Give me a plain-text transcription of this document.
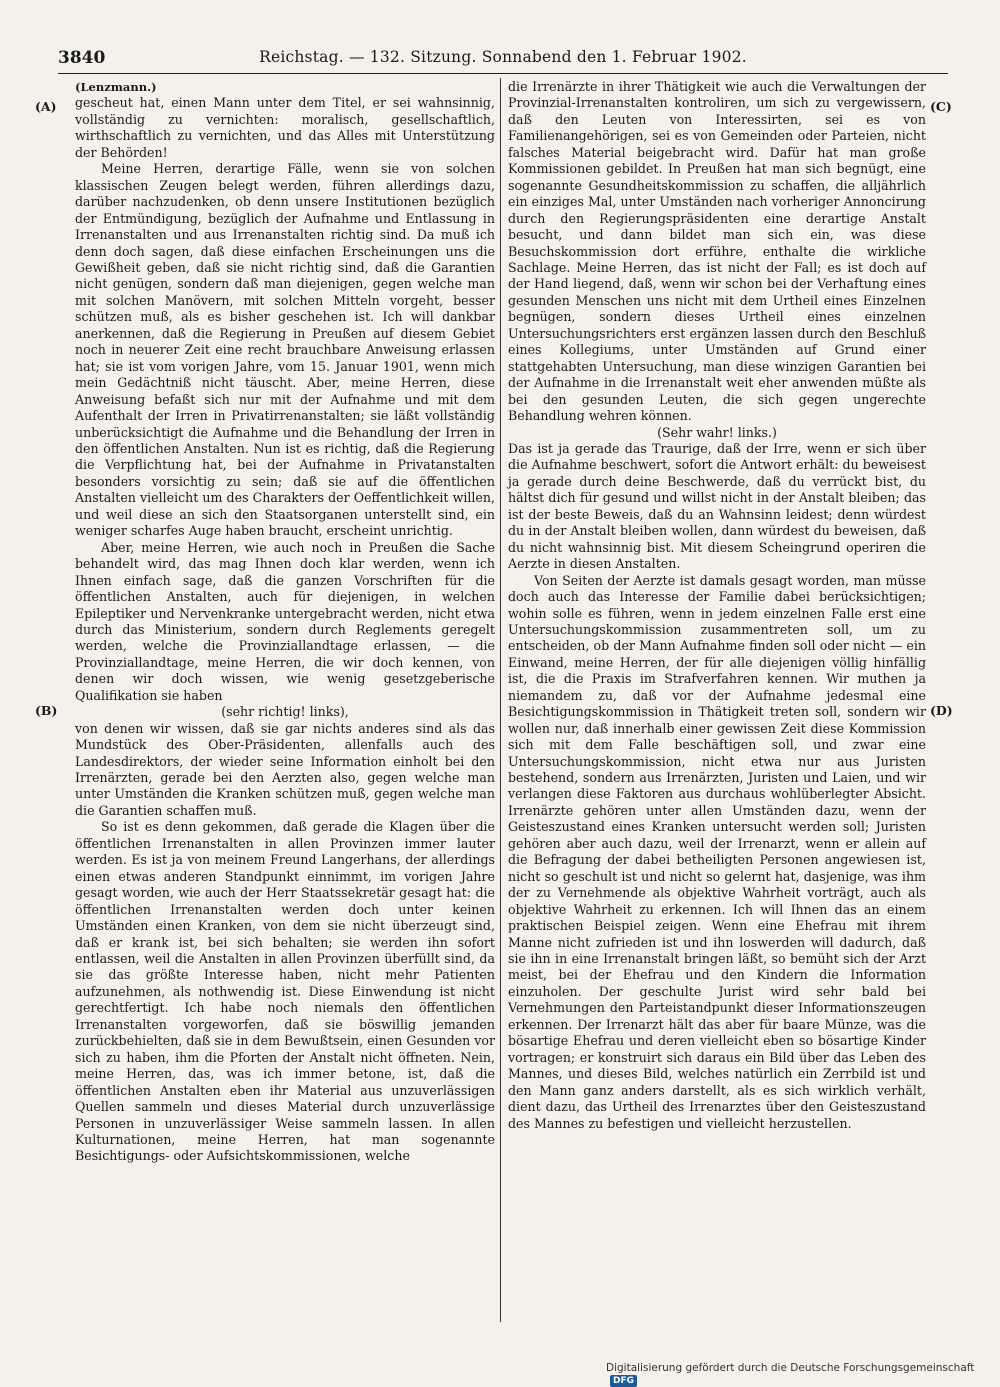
3840	Reichstag. — 132. Sitzung. Sonnabend den 1. Februar 1902.
(A)
(B)
(C)
(D)

(Lenzmann.)

gescheut hat, einen Mann unter dem Titel, er sei wahnsinnig, vollständig zu vernichten: moralisch, gesellschaftlich, wirthschaftlich zu vernichten, und das Alles mit Unterstützung der Behörden!

Meine Herren, derartige Fälle, wenn sie von solchen klassischen Zeugen belegt werden, führen allerdings dazu, darüber nachzudenken, ob denn unsere Institutionen bezüglich der Entmündigung, bezüglich der Aufnahme und Entlassung in Irrenanstalten und aus Irrenanstalten richtig sind. Da muß ich denn doch sagen, daß diese einfachen Erscheinungen uns die Gewißheit geben, daß sie nicht richtig sind, daß die Garantien nicht genügen, sondern daß man diejenigen, gegen welche man mit solchen Manövern, mit solchen Mitteln vorgeht, besser schützen muß, als es bisher geschehen ist. Ich will dankbar anerkennen, daß die Regierung in Preußen auf diesem Gebiet noch in neuerer Zeit eine recht brauchbare Anweisung erlassen hat; sie ist vom vorigen Jahre, vom 15. Januar 1901, wenn mich mein Gedächtniß nicht täuscht. Aber, meine Herren, diese Anweisung befaßt sich nur mit der Aufnahme und mit dem Aufenthalt der Irren in Privatirrenanstalten; sie läßt vollständig unberücksichtigt die Aufnahme und die Behandlung der Irren in den öffentlichen Anstalten. Nun ist es richtig, daß die Regierung die Verpflichtung hat, bei der Aufnahme in Privatanstalten besonders vorsichtig zu sein; daß sie auf die öffentlichen Anstalten vielleicht um des Charakters der Oeffentlichkeit willen, und weil diese an sich den Staatsorganen unterstellt sind, ein weniger scharfes Auge haben braucht, erscheint unrichtig.

Aber, meine Herren, wie auch noch in Preußen die Sache behandelt wird, das mag Ihnen doch klar werden, wenn ich Ihnen einfach sage, daß die ganzen Vorschriften für die öffentlichen Anstalten, auch für diejenigen, in welchen Epileptiker und Nervenkranke untergebracht werden, nicht etwa durch das Ministerium, sondern durch Reglements geregelt werden, welche die Provinziallandtage erlassen, — die Provinziallandtage, meine Herren, die wir doch kennen, von denen wir doch wissen, wie wenig gesetzgeberische Qualifikation sie haben

(sehr richtig! links),

von denen wir wissen, daß sie gar nichts anderes sind als das Mundstück des Ober-Präsidenten, allenfalls auch des Landesdirektors, der wieder seine Information einholt bei den Irrenärzten, gerade bei den Aerzten also, gegen welche man unter Umständen die Kranken schützen muß, gegen welche man die Garantien schaffen muß.

So ist es denn gekommen, daß gerade die Klagen über die öffentlichen Irrenanstalten in allen Provinzen immer lauter werden. Es ist ja von meinem Freund Langerhans, der allerdings einen etwas anderen Standpunkt einnimmt, im vorigen Jahre gesagt worden, wie auch der Herr Staatssekretär gesagt hat: die öffentlichen Irrenanstalten werden doch unter keinen Umständen einen Kranken, von dem sie nicht überzeugt sind, daß er krank ist, bei sich behalten; sie werden ihn sofort entlassen, weil die Anstalten in allen Provinzen überfüllt sind, da sie das größte Interesse haben, nicht mehr Patienten aufzunehmen, als nothwendig ist. Diese Einwendung ist nicht gerechtfertigt. Ich habe noch niemals den öffentlichen Irrenanstalten vorgeworfen, daß sie böswillig jemanden zurückbehielten, daß sie in dem Bewußtsein, einen Gesunden vor sich zu haben, ihm die Pforten der Anstalt nicht öffneten. Nein, meine Herren, das, was ich immer betone, ist, daß die öffentlichen Anstalten eben ihr Material aus unzuverlässigen Quellen sammeln und dieses Material durch unzuverlässige Personen in unzuverlässiger Weise sammeln lassen. In allen Kulturnationen, meine Herren, hat man sogenannte Besichtigungs- oder Aufsichtskommissionen, welche

die Irrenärzte in ihrer Thätigkeit wie auch die Verwaltungen der Provinzial-Irrenanstalten kontroliren, um sich zu vergewissern, daß den Leuten von Interessirten, sei es von Familienangehörigen, sei es von Gemeinden oder Parteien, nicht falsches Material beigebracht wird. Dafür hat man große Kommissionen gebildet. In Preußen hat man sich begnügt, eine sogenannte Gesundheitskommission zu schaffen, die alljährlich ein einziges Mal, unter Umständen nach vorheriger Annoncirung durch den Regierungspräsidenten eine derartige Anstalt besucht, und dann bildet man sich ein, was diese Besuchskommission dort erführe, enthalte die wirkliche Sachlage. Meine Herren, das ist nicht der Fall; es ist doch auf der Hand liegend, daß, wenn wir schon bei der Verhaftung eines gesunden Menschen uns nicht mit dem Urtheil eines Einzelnen begnügen, sondern dieses Urtheil eines einzelnen Untersuchungsrichters erst ergänzen lassen durch den Beschluß eines Kollegiums, unter Umständen auf Grund einer stattgehabten Untersuchung, man diese winzigen Garantien bei der Aufnahme in die Irrenanstalt weit eher anwenden müßte als bei den gesunden Leuten, die sich gegen ungerechte Behandlung wehren können.

(Sehr wahr! links.)

Das ist ja gerade das Traurige, daß der Irre, wenn er sich über die Aufnahme beschwert, sofort die Antwort erhält: du beweisest ja gerade durch deine Beschwerde, daß du verrückt bist, du hältst dich für gesund und willst nicht in der Anstalt bleiben; das ist der beste Beweis, daß du an Wahnsinn leidest; denn würdest du in der Anstalt bleiben wollen, dann würdest du beweisen, daß du nicht wahnsinnig bist. Mit diesem Scheingrund operiren die Aerzte in diesen Anstalten.

Von Seiten der Aerzte ist damals gesagt worden, man müsse doch auch das Interesse der Familie dabei berücksichtigen; wohin solle es führen, wenn in jedem einzelnen Falle erst eine Untersuchungskommission zusammentreten soll, um zu entscheiden, ob der Mann Aufnahme finden soll oder nicht — ein Einwand, meine Herren, der für alle diejenigen völlig hinfällig ist, die die Praxis im Strafverfahren kennen. Wir muthen ja niemandem zu, daß vor der Aufnahme jedesmal eine Besichtigungskommission in Thätigkeit treten soll, sondern wir wollen nur, daß innerhalb einer gewissen Zeit diese Kommission sich mit dem Falle beschäftigen soll, und zwar eine Untersuchungskommission, nicht etwa nur aus Juristen bestehend, sondern aus Irrenärzten, Juristen und Laien, und wir verlangen diese Faktoren aus durchaus wohlüberlegter Absicht. Irrenärzte gehören unter allen Umständen dazu, wenn der Geisteszustand eines Kranken untersucht werden soll; Juristen gehören aber auch dazu, weil der Irrenarzt, wenn er allein auf die Befragung der dabei betheiligten Personen angewiesen ist, nicht so geschult ist und nicht so gelernt hat, dasjenige, was ihm der zu Vernehmende als objektive Wahrheit vorträgt, auch als objektive Wahrheit zu erkennen. Ich will Ihnen das an einem praktischen Beispiel zeigen. Wenn eine Ehefrau mit ihrem Manne nicht zufrieden ist und ihn loswerden will dadurch, daß sie ihn in eine Irrenanstalt bringen läßt, so bemüht sich der Arzt meist, bei der Ehefrau und den Kindern die Information einzuholen. Der geschulte Jurist wird sehr bald bei Vernehmungen den Parteistandpunkt dieser Informationszeugen erkennen. Der Irrenarzt hält das aber für baare Münze, was die bösartige Ehefrau und deren vielleicht eben so bösartige Kinder vortragen; er konstruirt sich daraus ein Bild über das Leben des Mannes, und dieses Bild, welches natürlich ein Zerrbild ist und den Mann ganz anders darstellt, als es sich wirklich verhält, dient dazu, das Urtheil des Irrenarztes über den Geisteszustand des Mannes zu befestigen und vielleicht herzustellen.

Digitalisierung gefördert durch die Deutsche Forschungsgemeinschaft DFG
